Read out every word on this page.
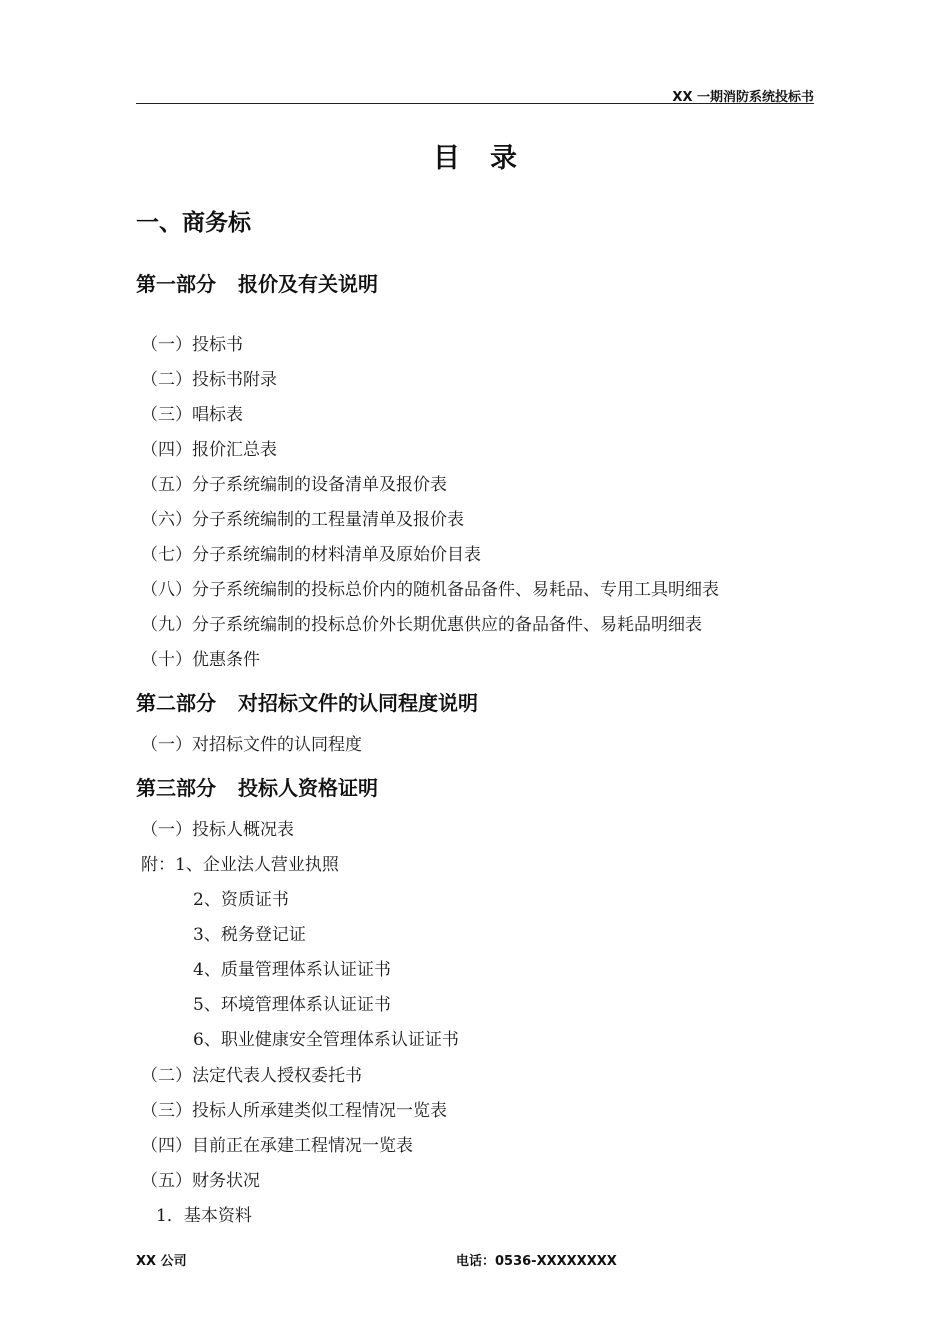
XX 一期消防系统投标书
目录
一、商务标
第一部分 报价及有关说明
（一）投标书
（二）投标书附录
（三）唱标表
（四）报价汇总表
（五）分子系统编制的设备清单及报价表
（六）分子系统编制的工程量清单及报价表
（七）分子系统编制的材料清单及原始价目表
（八）分子系统编制的投标总价内的随机备品备件、易耗品、专用工具明细表
（九）分子系统编制的投标总价外长期优惠供应的备品备件、易耗品明细表
（十）优惠条件
第二部分 对招标文件的认同程度说明
（一）对招标文件的认同程度
第三部分 投标人资格证明
（一）投标人概况表
附：1、企业法人营业执照
2、资质证书
3、税务登记证
4、质量管理体系认证证书
5、环境管理体系认证证书
6、职业健康安全管理体系认证证书
（二）法定代表人授权委托书
（三）投标人所承建类似工程情况一览表
（四）目前正在承建工程情况一览表
（五）财务状况
1．基本资料
XX 公司	电话：0536-XXXXXXXX
